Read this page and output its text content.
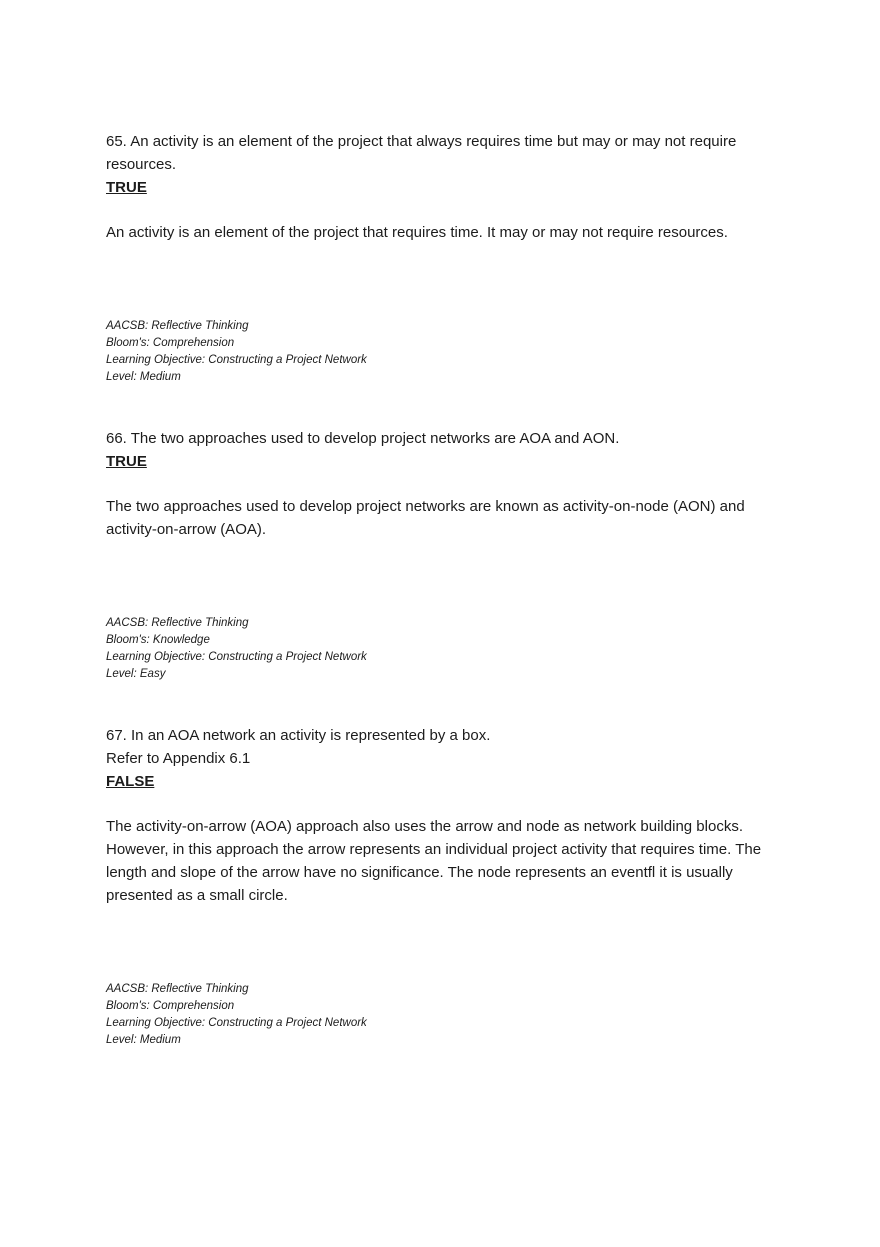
65. An activity is an element of the project that always requires time but may or may not require resources.

TRUE

An activity is an element of the project that requires time. It may or may not require resources.

AACSB: Reflective Thinking

Bloom's: Comprehension

Learning Objective: Constructing a Project Network

Level: Medium

66. The two approaches used to develop project networks are AOA and AON.

TRUE

The two approaches used to develop project networks are known as activity-on-node (AON) and activity-on-arrow (AOA).

AACSB: Reflective Thinking

Bloom's: Knowledge

Learning Objective: Constructing a Project Network

Level: Easy

67. In an AOA network an activity is represented by a box.

Refer to Appendix 6.1

FALSE

The activity-on-arrow (AOA) approach also uses the arrow and node as network building blocks. However, in this approach the arrow represents an individual project activity that requires time. The length and slope of the arrow have no significance. The node represents an eventfl it is usually presented as a small circle.

AACSB: Reflective Thinking

Bloom's: Comprehension

Learning Objective: Constructing a Project Network

Level: Medium
